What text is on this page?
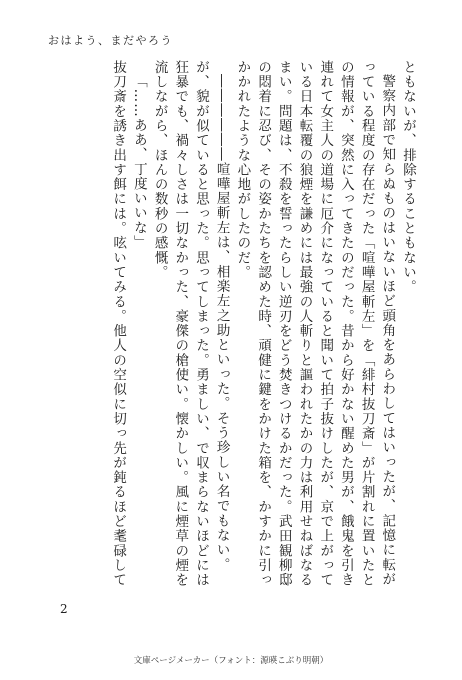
おはよう、まだやろう

ともないが、排除することもない。

警察内部で知らぬものはいないほど頭角をあらわしてはいったが、記憶に転がっている程度の存在だった「喧嘩屋斬左」を「緋村抜刀斎」が片割れに置いたとの情報が、突然に入ってきたのだった。昔から好かない醒めた男が、餓鬼を引き連れて女主人の道場に厄介になっていると聞いて拍子抜けしたが、京で上がっている日本転覆の狼煙を謙めには最強の人斬りと謳われたかの力は利用せねばなるまい。問題は、不殺を誓ったらしい逆刃をどう焚きつけるかだった。武田観柳邸の悶着に忍び、その姿かたちを認めた時、頑健に鍵をかけた箱を、かすかに引っかかれたような心地がしたのだ。

――――――喧嘩屋斬左は、相楽左之助といった。そう珍しい名でもない。が、貌が似ていると思った。思ってしまった。勇ましい、で収まらないほどには狂暴でも、禍々しさは一切なかった、豪傑の槍使い。懐かしい。風に煙草の煙を流しながら、ほんの数秒の感慨。

「……ああ、丁度いいな」

抜刀斎を誘き出す餌には。呟いてみる。他人の空似に切っ先が鈍るほど耄碌して

2
文庫ページメーカー（フォント：源暎こぶり明朝）
